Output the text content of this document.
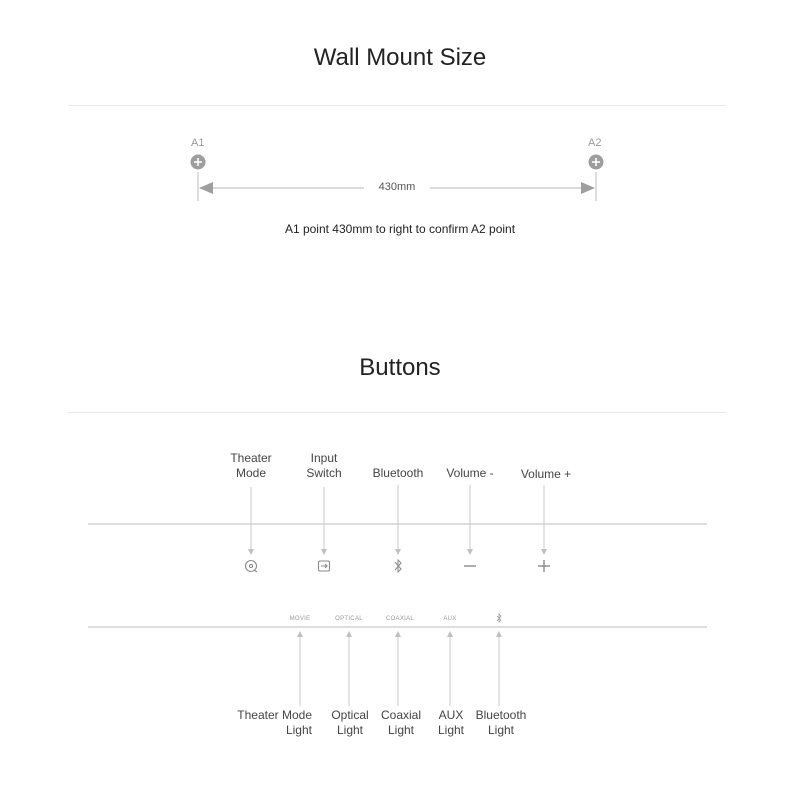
Wall Mount Size
A1	A2
430mm
A1 point 430mm to right to confirm A2 point
Buttons
Theater
Mode
Input
Switch	Bluetooth	Volume -	Volume +
MOVIE	OPTICAL	COAXIAL	AUX
Theater Mode
Light
Optical
Light
Coaxial
Light
AUX
Light
Bluetooth
Light
